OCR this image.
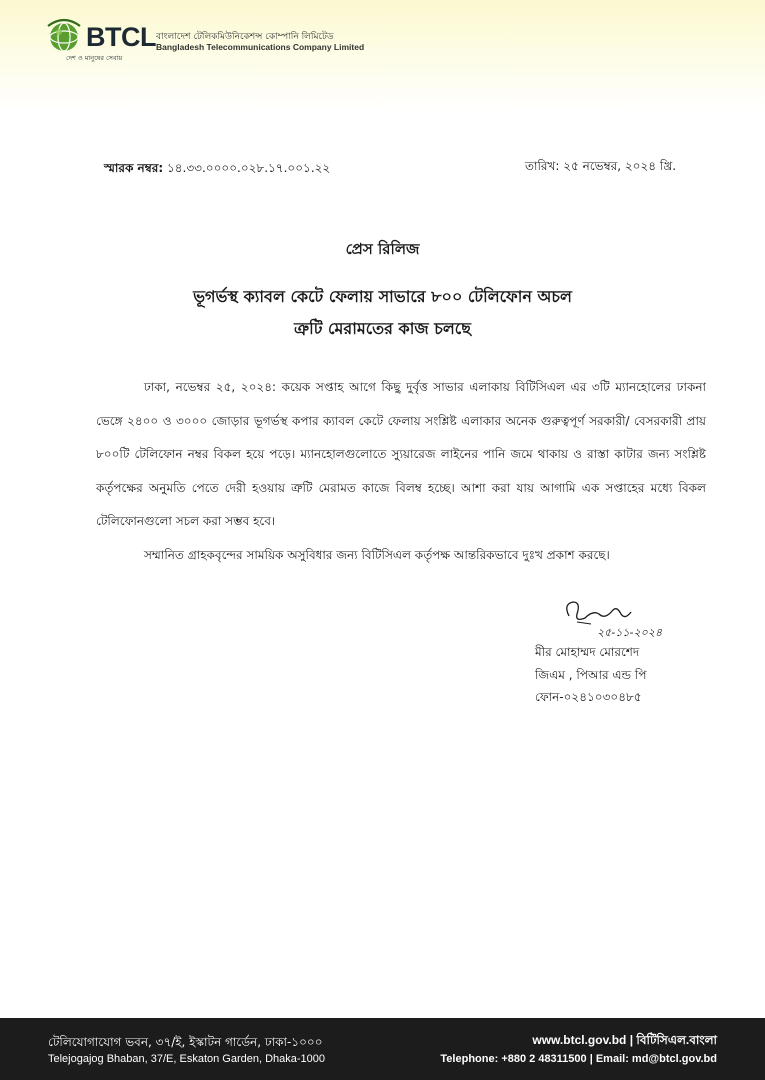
BTCL
দেশ ও মানুষের সেবায়
বাংলাদেশ টেলিকমিউনিকেশন্স কোম্পানি লিমিটেড
Bangladesh Telecommunications Company Limited
স্মারক নম্বর: ১৪.৩৩.০০০০.০২৮.১৭.০০১.২২	তারিখ: ২৫ নভেম্বর, ২০২৪ খ্রি.
প্রেস রিলিজ
ভূগর্ভস্থ ক্যাবল কেটে ফেলায় সাভারে ৮০০ টেলিফোন অচল
ত্রুটি মেরামতের কাজ চলছে

ঢাকা, নভেম্বর ২৫, ২০২৪: কয়েক সপ্তাহ আগে কিছু দুর্বৃত্ত সাভার এলাকায় বিটিসিএল এর ৩টি ম্যানহোলের ঢাকনা ভেঙ্গে ২৪০০ ও ৩০০০ জোড়ার ভূগর্ভস্থ কপার ক্যাবল কেটে ফেলায় সংশ্লিষ্ট এলাকার অনেক গুরুত্বপূর্ণ সরকারী/ বেসরকারী প্রায় ৮০০টি টেলিফোন নম্বর বিকল হয়ে পড়ে। ম্যানহোলগুলোতে স্যুয়ারেজ লাইনের পানি জমে থাকায় ও রাস্তা কাটার জন্য সংশ্লিষ্ট কর্তৃপক্ষের অনুমতি পেতে দেরী হওয়ায় ত্রুটি মেরামত কাজে বিলম্ব হচ্ছে। আশা করা যায় আগামি এক সপ্তাহের মধ্যে বিকল টেলিফোনগুলো সচল করা সম্ভব হবে।

সম্মানিত গ্রাহকবৃন্দের সাময়িক অসুবিধার জন্য বিটিসিএল কর্তৃপক্ষ আন্তরিকভাবে দুঃখ প্রকাশ করছে।

২৫-১১-২০২৪
মীর মোহাম্মদ মোরশেদ
জিএম , পিআর এন্ড পি
ফোন-০২৪১০৩০৪৮৫
টেলিযোগাযোগ ভবন, ৩৭/ই, ইস্কাটন গার্ডেন, ঢাকা-১০০০
Telejogajog Bhaban, 37/E, Eskaton Garden, Dhaka-1000
www.btcl.gov.bd | বিটিসিএল.বাংলা
Telephone: +880 2 48311500 | Email: md@btcl.gov.bd
